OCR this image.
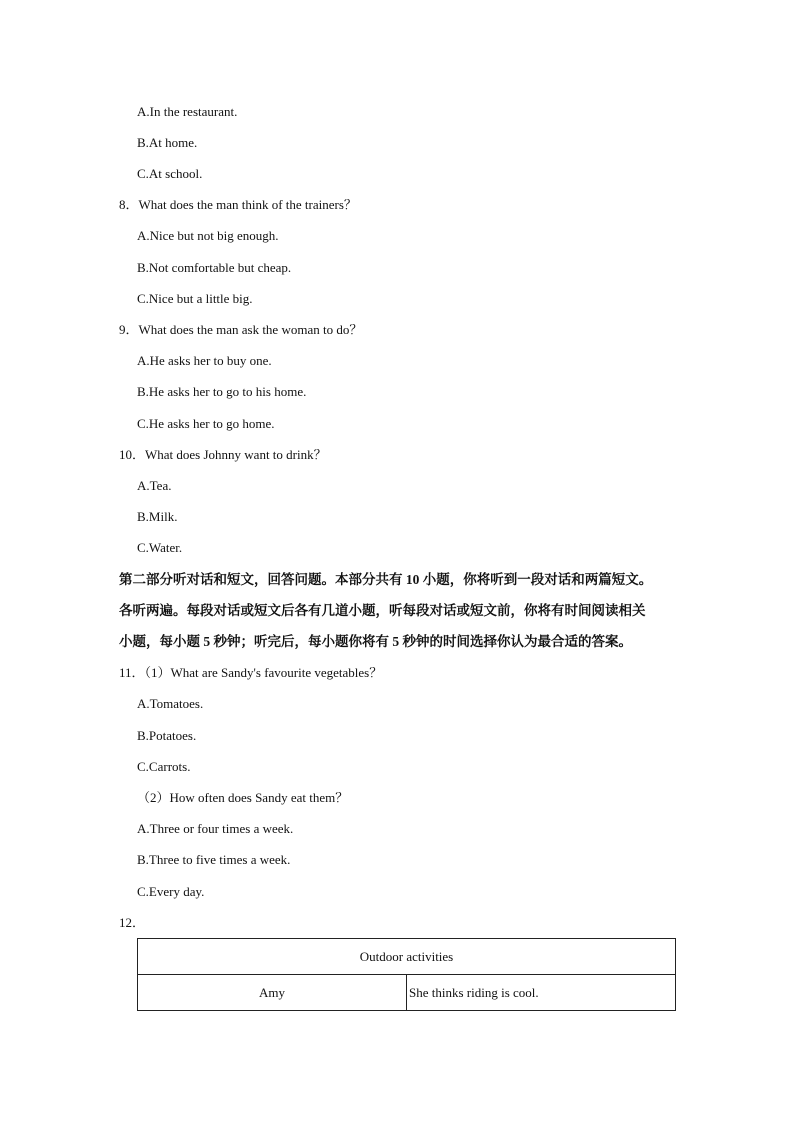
A.In the restaurant.
B.At home.
C.At school.
8．What does the man think of the trainers？
A.Nice but not big enough.
B.Not comfortable but cheap.
C.Nice but a little big.
9．What does the man ask the woman to do？
A.He asks her to buy one.
B.He asks her to go to his home.
C.He asks her to go home.
10．What does Johnny want to drink？
A.Tea.
B.Milk.
C.Water.
第二部分听对话和短文，回答问题。本部分共有 10 小题，你将听到一段对话和两篇短文。
各听两遍。每段对话或短文后各有几道小题，听每段对话或短文前，你将有时间阅读相关
小题，每小题 5 秒钟；听完后，每小题你将有 5 秒钟的时间选择你认为最合适的答案。
11．（1）What are Sandy's favourite vegetables？
A.Tomatoes.
B.Potatoes.
C.Carrots.
（2）How often does Sandy eat them？
A.Three or four times a week.
B.Three to five times a week.
C.Every day.
12．
Outdoor activities
Amy	She thinks riding is cool.
